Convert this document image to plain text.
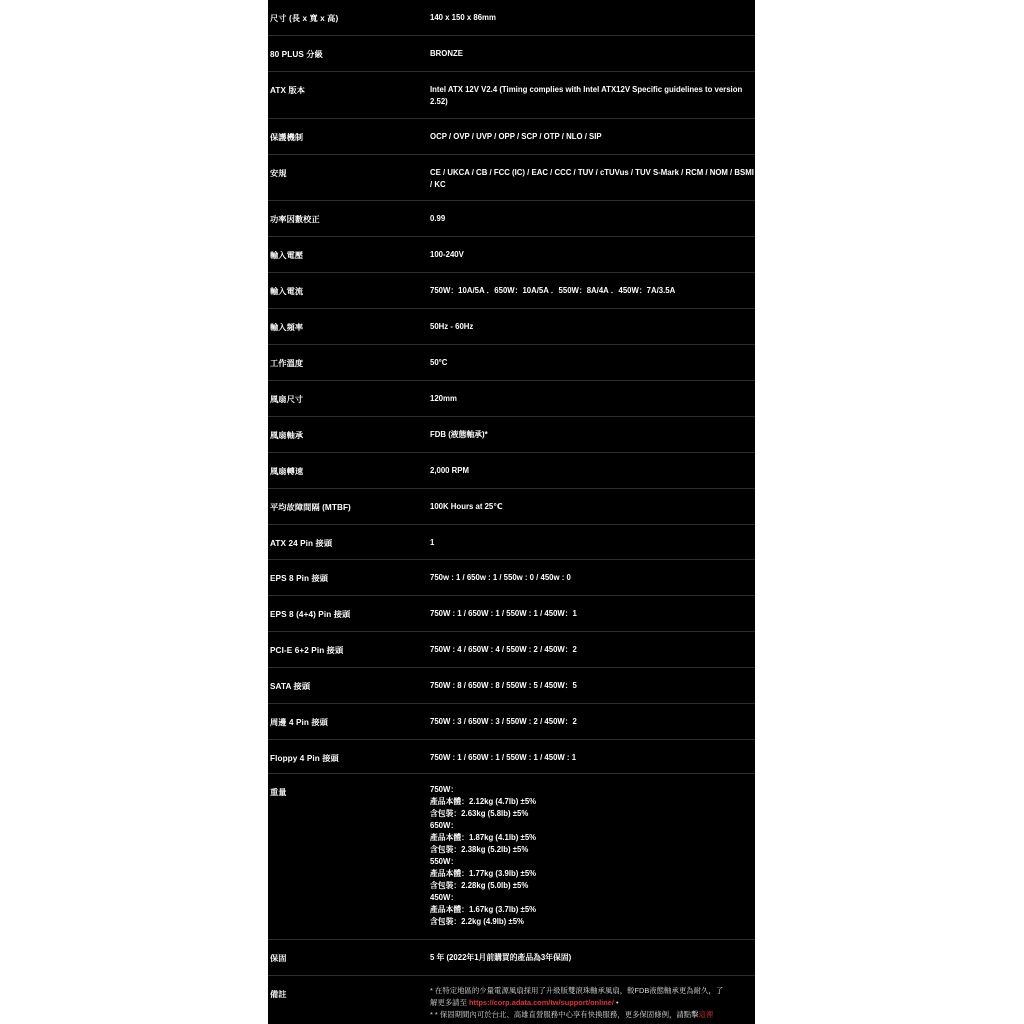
尺寸 (長 x 寬 x 高)	140 x 150 x 86mm
80 PLUS 分級	BRONZE
ATX 版本	Intel ATX 12V V2.4 (Timing complies with Intel ATX12V Specific guidelines to version 2.52)
保護機制	OCP / OVP / UVP / OPP / SCP / OTP / NLO / SIP
安規	CE / UKCA / CB / FCC (IC) / EAC / CCC / TUV / cTUVus / TUV S-Mark / RCM / NOM / BSMI / KC
功率因數校正	0.99
輸入電壓	100-240V
輸入電流	750W：10A/5A ．650W：10A/5A ．550W：8A/4A ．450W：7A/3.5A
輸入頻率	50Hz - 60Hz
工作溫度	50°C
風扇尺寸	120mm
風扇軸承	FDB (液態軸承)*
風扇轉速	2,000 RPM
平均故障間隔 (MTBF)	100K Hours at 25℃
ATX 24 Pin 接頭	1
EPS 8 Pin 接頭	750w : 1 / 650w : 1 / 550w : 0 / 450w : 0
EPS 8 (4+4) Pin 接頭	750W : 1 / 650W : 1 / 550W : 1 / 450W：1
PCI-E 6+2 Pin 接頭	750W : 4 / 650W : 4 / 550W : 2 / 450W：2
SATA 接頭	750W : 8 / 650W : 8 / 550W : 5 / 450W：5
周邊 4 Pin 接頭	750W : 3 / 650W : 3 / 550W : 2 / 450W：2
Floppy 4 Pin 接頭	750W : 1 / 650W : 1 / 550W : 1 / 450W : 1
重量	750W：
產品本體：2.12kg (4.7lb) ±5%
含包裝：2.63kg (5.8lb) ±5%
650W：
產品本體：1.87kg (4.1lb) ±5%
含包裝：2.38kg (5.2lb) ±5%
550W：
產品本體：1.77kg (3.9lb) ±5%
含包裝：2.28kg (5.0lb) ±5%
450W：
產品本體：1.67kg (3.7lb) ±5%
含包裝：2.2kg (4.9lb) ±5%
保固	5 年 (2022年1月前購買的產品為3年保固)
備註	* 在特定地區的少量電源風扇採用了升級版雙滾珠軸承風扇，較FDB液態軸承更為耐久，了
解更多請至 https://corp.adata.com/tw/support/online/ •
* * 保固期間內可於台北、高雄直營服務中心享有快換服務，更多保固條例，請點擊這裡
